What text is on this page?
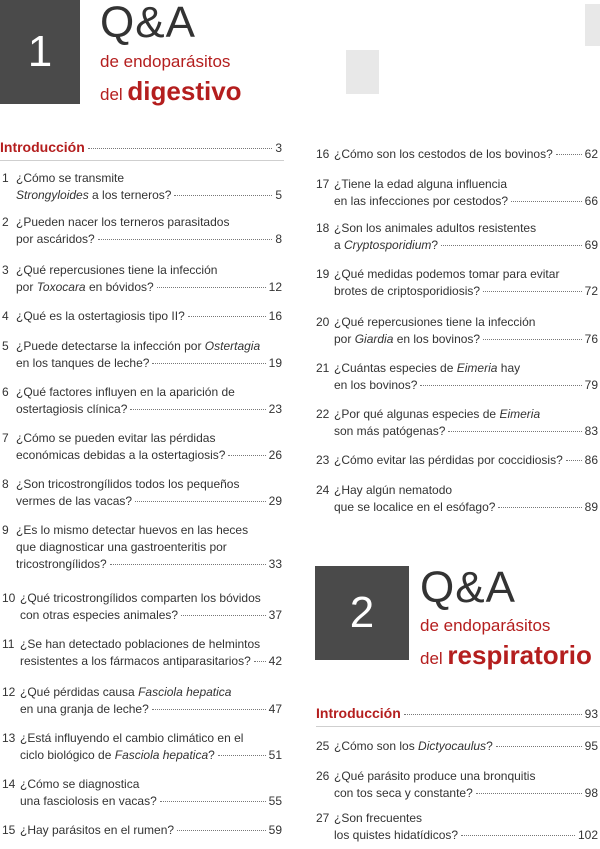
1
Q&A
de endoparásitos
del digestivo
Introducción	3
1 ¿Cómo se transmite
Strongyloides a los terneros?	5
2 ¿Pueden nacer los terneros parasitados
por ascáridos?	8
3 ¿Qué repercusiones tiene la infección
por Toxocara en bóvidos?	12
4 ¿Qué es la ostertagiosis tipo II?	16
5 ¿Puede detectarse la infección por Ostertagia
en los tanques de leche?	19
6 ¿Qué factores influyen en la aparición de
ostertagiosis clínica?	23
7 ¿Cómo se pueden evitar las pérdidas
económicas debidas a la ostertagiosis?	26
8 ¿Son tricostrongílidos todos los pequeños
vermes de las vacas?	29
9 ¿Es lo mismo detectar huevos en las heces
que diagnosticar una gastroenteritis por
tricostrongílidos?	33
10 ¿Qué tricostrongílidos comparten los bóvidos
con otras especies animales?	37
11 ¿Se han detectado poblaciones de helmintos
resistentes a los fármacos antiparasitarios? 42
12 ¿Qué pérdidas causa Fasciola hepatica
en una granja de leche?	47
13 ¿Está influyendo el cambio climático en el
ciclo biológico de Fasciola hepatica?	51
14 ¿Cómo se diagnostica
una fasciolosis en vacas?	55
15 ¿Hay parásitos en el rumen?	59
16 ¿Cómo son los cestodos de los bovinos?	62
17 ¿Tiene la edad alguna influencia
en las infecciones por cestodos?	66
18 ¿Son los animales adultos resistentes
a Cryptosporidium?	69
19 ¿Qué medidas podemos tomar para evitar
brotes de criptosporidiosis?	72
20 ¿Qué repercusiones tiene la infección
por Giardia en los bovinos?	76
21 ¿Cuántas especies de Eimeria hay
en los bovinos?	79
22 ¿Por qué algunas especies de Eimeria
son más patógenas?	83
23 ¿Cómo evitar las pérdidas por coccidiosis? 86
24 ¿Hay algún nematodo
que se localice en el esófago?	89
2
Q&A
de endoparásitos
del respiratorio
Introducción	93
25 ¿Cómo son los Dictyocaulus?	95
26 ¿Qué parásito produce una bronquitis
con tos seca y constante?	98
27 ¿Son frecuentes
los quistes hidatídicos?	102
